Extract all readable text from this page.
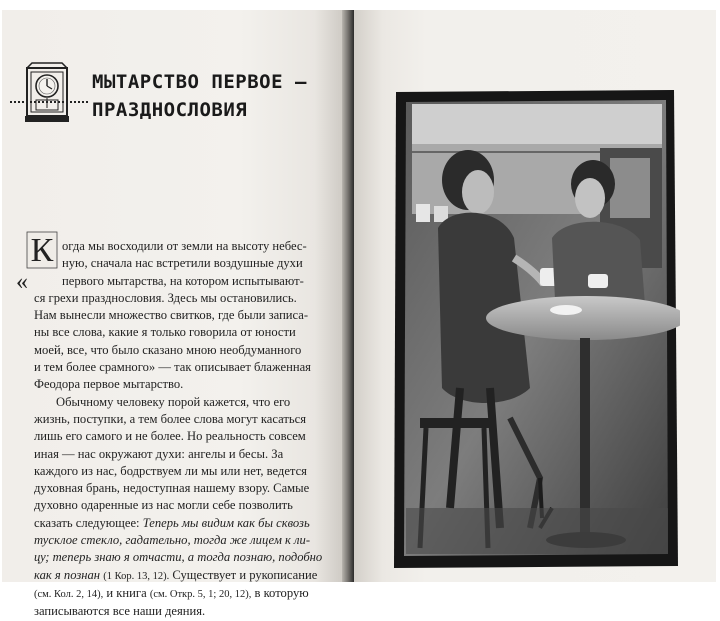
МЫТАРСТВО ПЕРВОЕ —
ПРАЗДНОСЛОВИЯ
К
«

огда мы восходили от земли на высоту небес-
ную, сначала нас встретили воздушные духи
первого мытарства, на котором испытывают-

ся грехи празднословия. Здесь мы остановились.
Нам вынесли множество свитков, где были записа-
ны все слова, какие я только говорила от юности
моей, все, что было сказано мною необдуманного
и тем более срамного» — так описывает блаженная
Феодора первое мытарство.

Обычному человеку порой кажется, что его
жизнь, поступки, а тем более слова могут касаться
лишь его самого и не более. Но реальность совсем
иная — нас окружают духи: ангелы и бесы. За
каждого из нас, бодрствуем ли мы или нет, ведется
духовная брань, недоступная нашему взору. Самые
духовно одаренные из нас могли себе позволить
сказать следующее: Теперь мы видим как бы сквозь
тусклое стекло, гадательно, тогда же лицем к ли-
цу; теперь знаю я отчасти, а тогда познаю, подобно
как я познан (1 Кор. 13, 12). Существует и рукописание
(см. Кол. 2, 14), и книга (см. Откр. 5, 1; 20, 12), в которую
записываются все наши деяния.
